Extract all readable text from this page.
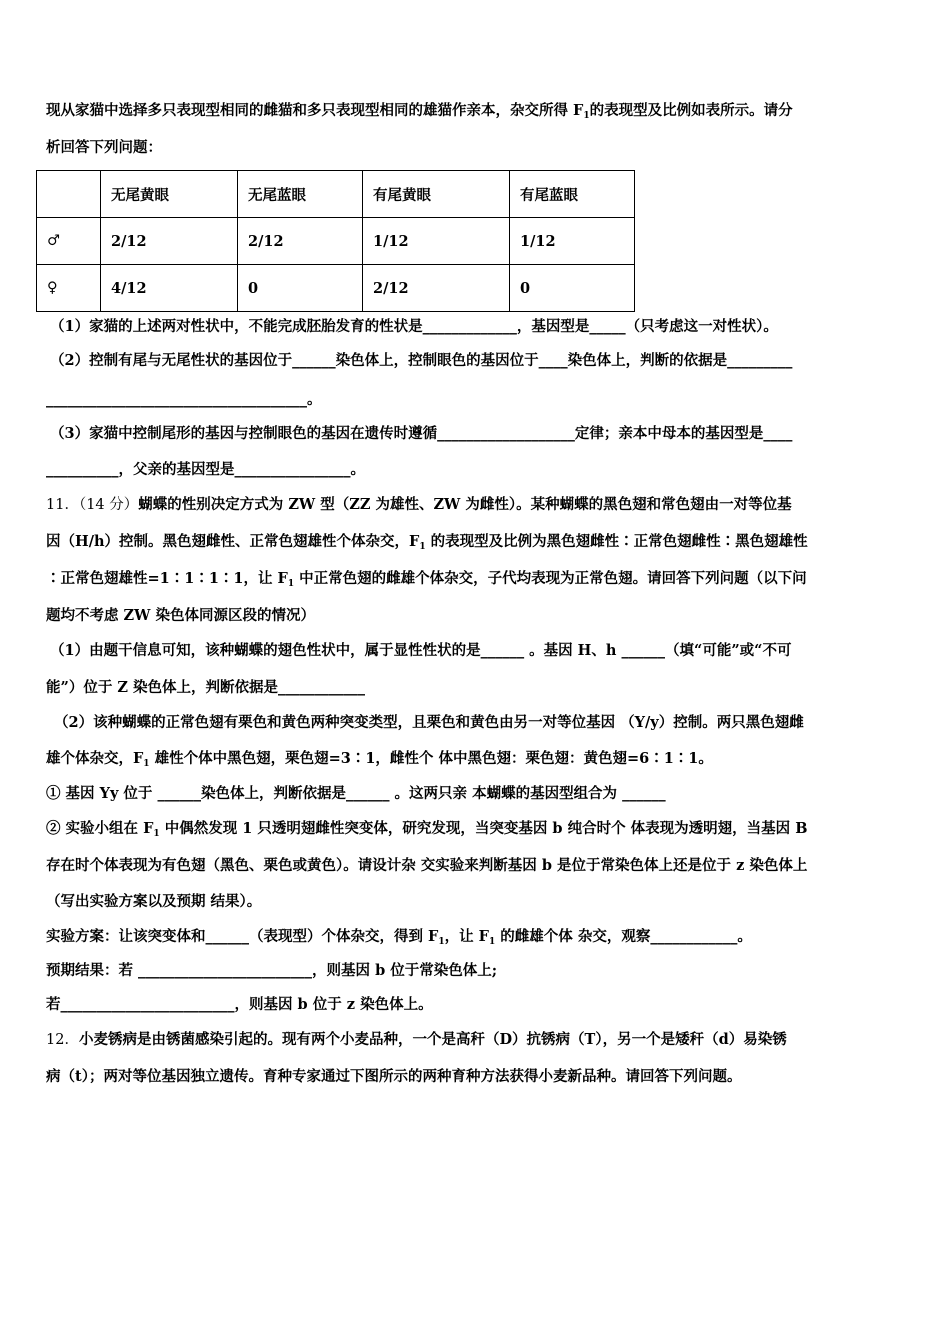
现从家猫中选择多只表现型相同的雌猫和多只表现型相同的雄猫作亲本，杂交所得 $F_1$的表现型及比例如表所示。请分
析回答下列问题：
	无尾黄眼	无尾蓝眼	有尾黄眼	有尾蓝眼
♂	2/12	2/12	1/12	1/12
♀	4/12	0	2/12	0
（1）家猫的上述两对性状中，不能完成胚胎发育的性状是_____________，基因型是_____（只考虑这一对性状）。
（2）控制有尾与无尾性状的基因位于______染色体上，控制眼色的基因位于____染色体上，判断的依据是_________
____________________________________。
（3）家猫中控制尾形的基因与控制眼色的基因在遗传时遵循___________________定律；亲本中母本的基因型是____
__________，父亲的基因型是________________。
11．（14 分）蝴蝶的性别决定方式为 ZW 型（ZZ 为雄性、ZW 为雌性）。某种蝴蝶的黑色翅和常色翅由一对等位基
因（H/h）控制。黑色翅雌性、正常色翅雄性个体杂交，$F_1$ 的表现型及比例为黑色翅雌性∶正常色翅雌性∶黑色翅雄性
∶正常色翅雄性=1∶1∶1∶1，让 $F_1$ 中正常色翅的雌雄个体杂交，子代均表现为正常色翅。请回答下列问题（以下问
题均不考虑 ZW 染色体同源区段的情况）
（1）由题干信息可知，该种蝴蝶的翅色性状中，属于显性性状的是______ 。基因 H、h ______（填“可能”或“不可
能”）位于 Z 染色体上，判断依据是____________
（2）该种蝴蝶的正常色翅有栗色和黄色两种突变类型，且栗色和黄色由另一对等位基因 （Y/y）控制。两只黑色翅雌
雄个体杂交，$F_1$ 雄性个体中黑色翅，栗色翅=3∶1，雌性个 体中黑色翅：栗色翅：黄色翅=6∶1∶1。
① 基因 Yy 位于 ______染色体上，判断依据是______ 。这两只亲 本蝴蝶的基因型组合为 ______
② 实验小组在 $F_1$ 中偶然发现 1 只透明翅雌性突变体，研究发现，当突变基因 b 纯合时个 体表现为透明翅，当基因 B
存在时个体表现为有色翅（黑色、栗色或黄色）。请设计杂 交实验来判断基因 b 是位于常染色体上还是位于 z 染色体上
（写出实验方案以及预期 结果）。
实验方案：让该突变体和______（表现型）个体杂交，得到 $F_1$，让 $F_1$ 的雌雄个体 杂交，观察____________。
预期结果：若 ________________________，则基因 b 位于常染色体上;
若________________________，则基因 b 位于 z 染色体上。
12．小麦锈病是由锈菌感染引起的。现有两个小麦品种，一个是高秆（D）抗锈病（T），另一个是矮秆（d）易染锈
病（t）；两对等位基因独立遗传。育种专家通过下图所示的两种育种方法获得小麦新品种。请回答下列问题。
